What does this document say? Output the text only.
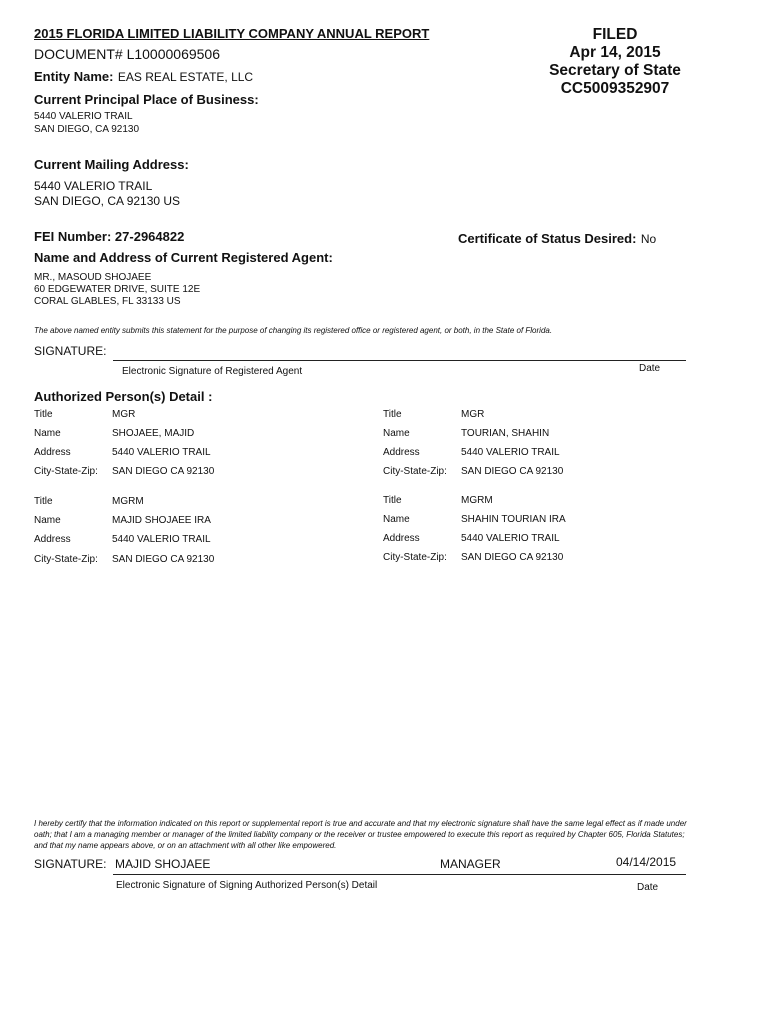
2015 FLORIDA LIMITED LIABILITY COMPANY ANNUAL REPORT
DOCUMENT# L10000069506
Entity Name: EAS REAL ESTATE, LLC
FILED
Apr 14, 2015
Secretary of State
CC5009352907
Current Principal Place of Business:
5440 VALERIO TRAIL
SAN DIEGO, CA 92130
Current Mailing Address:
5440 VALERIO TRAIL
SAN DIEGO, CA 92130 US
FEI Number: 27-2964822	Certificate of Status Desired: No
Name and Address of Current Registered Agent:
MR., MASOUD SHOJAEE
60 EDGEWATER DRIVE, SUITE 12E
CORAL GLABLES, FL 33133 US
The above named entity submits this statement for the purpose of changing its registered office or registered agent, or both, in the State of Florida.
SIGNATURE:
Electronic Signature of Registered Agent	Date
Authorized Person(s) Detail :
Title	MGR
Name	SHOJAEE, MAJID
Address	5440 VALERIO TRAIL
City-State-Zip: SAN DIEGO CA 92130
Title	MGR
Name	TOURIAN, SHAHIN
Address	5440 VALERIO TRAIL
City-State-Zip: SAN DIEGO CA 92130
Title	MGRM
Name	MAJID SHOJAEE IRA
Address	5440 VALERIO TRAIL
City-State-Zip: SAN DIEGO CA 92130
Title	MGRM
Name	SHAHIN TOURIAN IRA
Address	5440 VALERIO TRAIL
City-State-Zip: SAN DIEGO CA 92130
I hereby certify that the information indicated on this report or supplemental report is true and accurate and that my electronic signature shall have the same legal effect as if made under oath; that I am a managing member or manager of the limited liability company or the receiver or trustee empowered to execute this report as required by Chapter 605, Florida Statutes; and that my name appears above, or on an attachment with all other like empowered.
SIGNATURE: MAJID SHOJAEE	MANAGER	04/14/2015
Electronic Signature of Signing Authorized Person(s) Detail	Date
